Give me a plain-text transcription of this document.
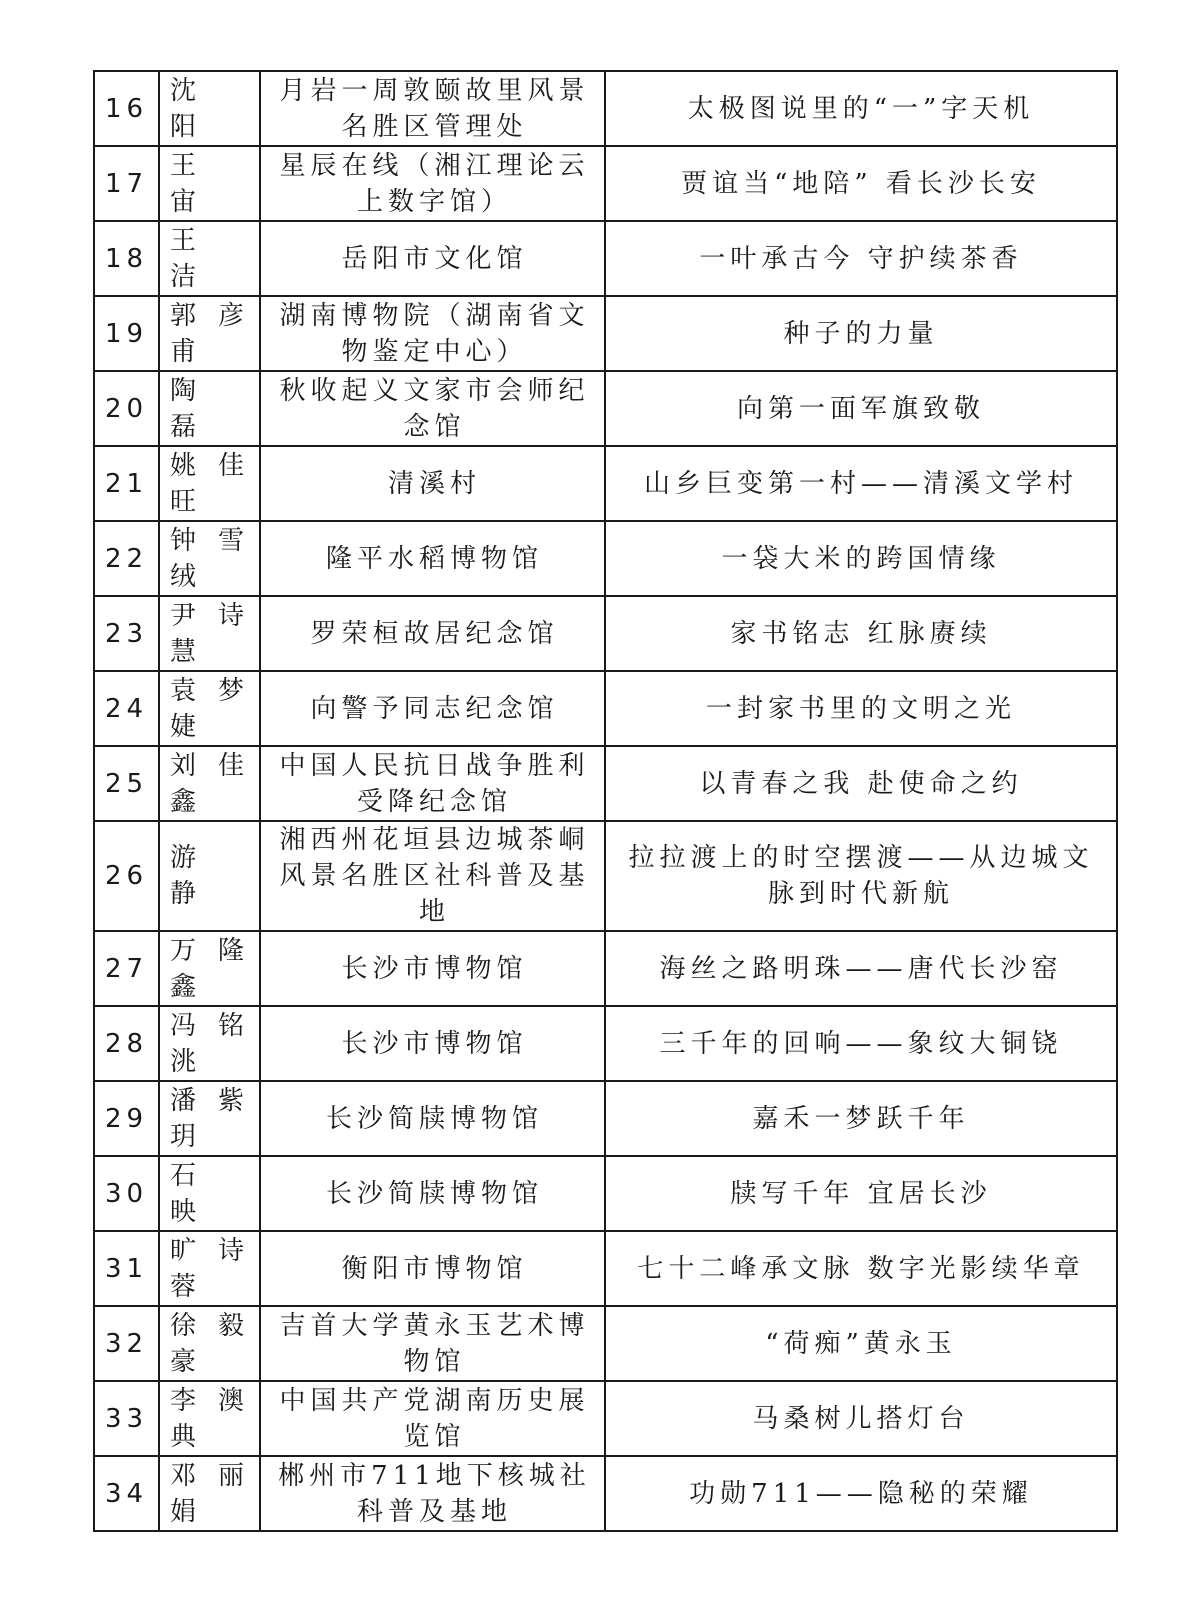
16	沈　阳	月岩一周敦颐故里风景名胜区管理处	太极图说里的“一”字天机

17	王　宙	星辰在线（湘江理论云上数字馆）	贾谊当“地陪” 看长沙长安

18	王　洁	岳阳市文化馆	一叶承古今 守护续茶香

19	郭彦甫	湖南博物院（湖南省文物鉴定中心）	种子的力量

20	陶　磊	秋收起义文家市会师纪念馆	向第一面军旗致敬

21	姚佳旺	清溪村	山乡巨变第一村——清溪文学村

22	钟雪绒	隆平水稻博物馆	一袋大米的跨国情缘

23	尹诗慧	罗荣桓故居纪念馆	家书铭志 红脉赓续

24	袁梦婕	向警予同志纪念馆	一封家书里的文明之光

25	刘佳鑫	中国人民抗日战争胜利受降纪念馆	以青春之我 赴使命之约

26	游　静	湘西州花垣县边城茶峒风景名胜区社科普及基地	拉拉渡上的时空摆渡——从边城文脉到时代新航

27	万隆鑫	长沙市博物馆	海丝之路明珠——唐代长沙窑

28	冯铭洮	长沙市博物馆	三千年的回响——象纹大铜铙

29	潘紫玥	长沙简牍博物馆	嘉禾一梦跃千年

30	石　映	长沙简牍博物馆	牍写千年 宜居长沙

31	旷诗蓉	衡阳市博物馆	七十二峰承文脉 数字光影续华章

32	徐毅豪	吉首大学黄永玉艺术博物馆	“荷痴”黄永玉

33	李澳典	中国共产党湖南历史展览馆	马桑树儿搭灯台

34	邓丽娟	郴州市711地下核城社科普及基地	功勋711——隐秘的荣耀
